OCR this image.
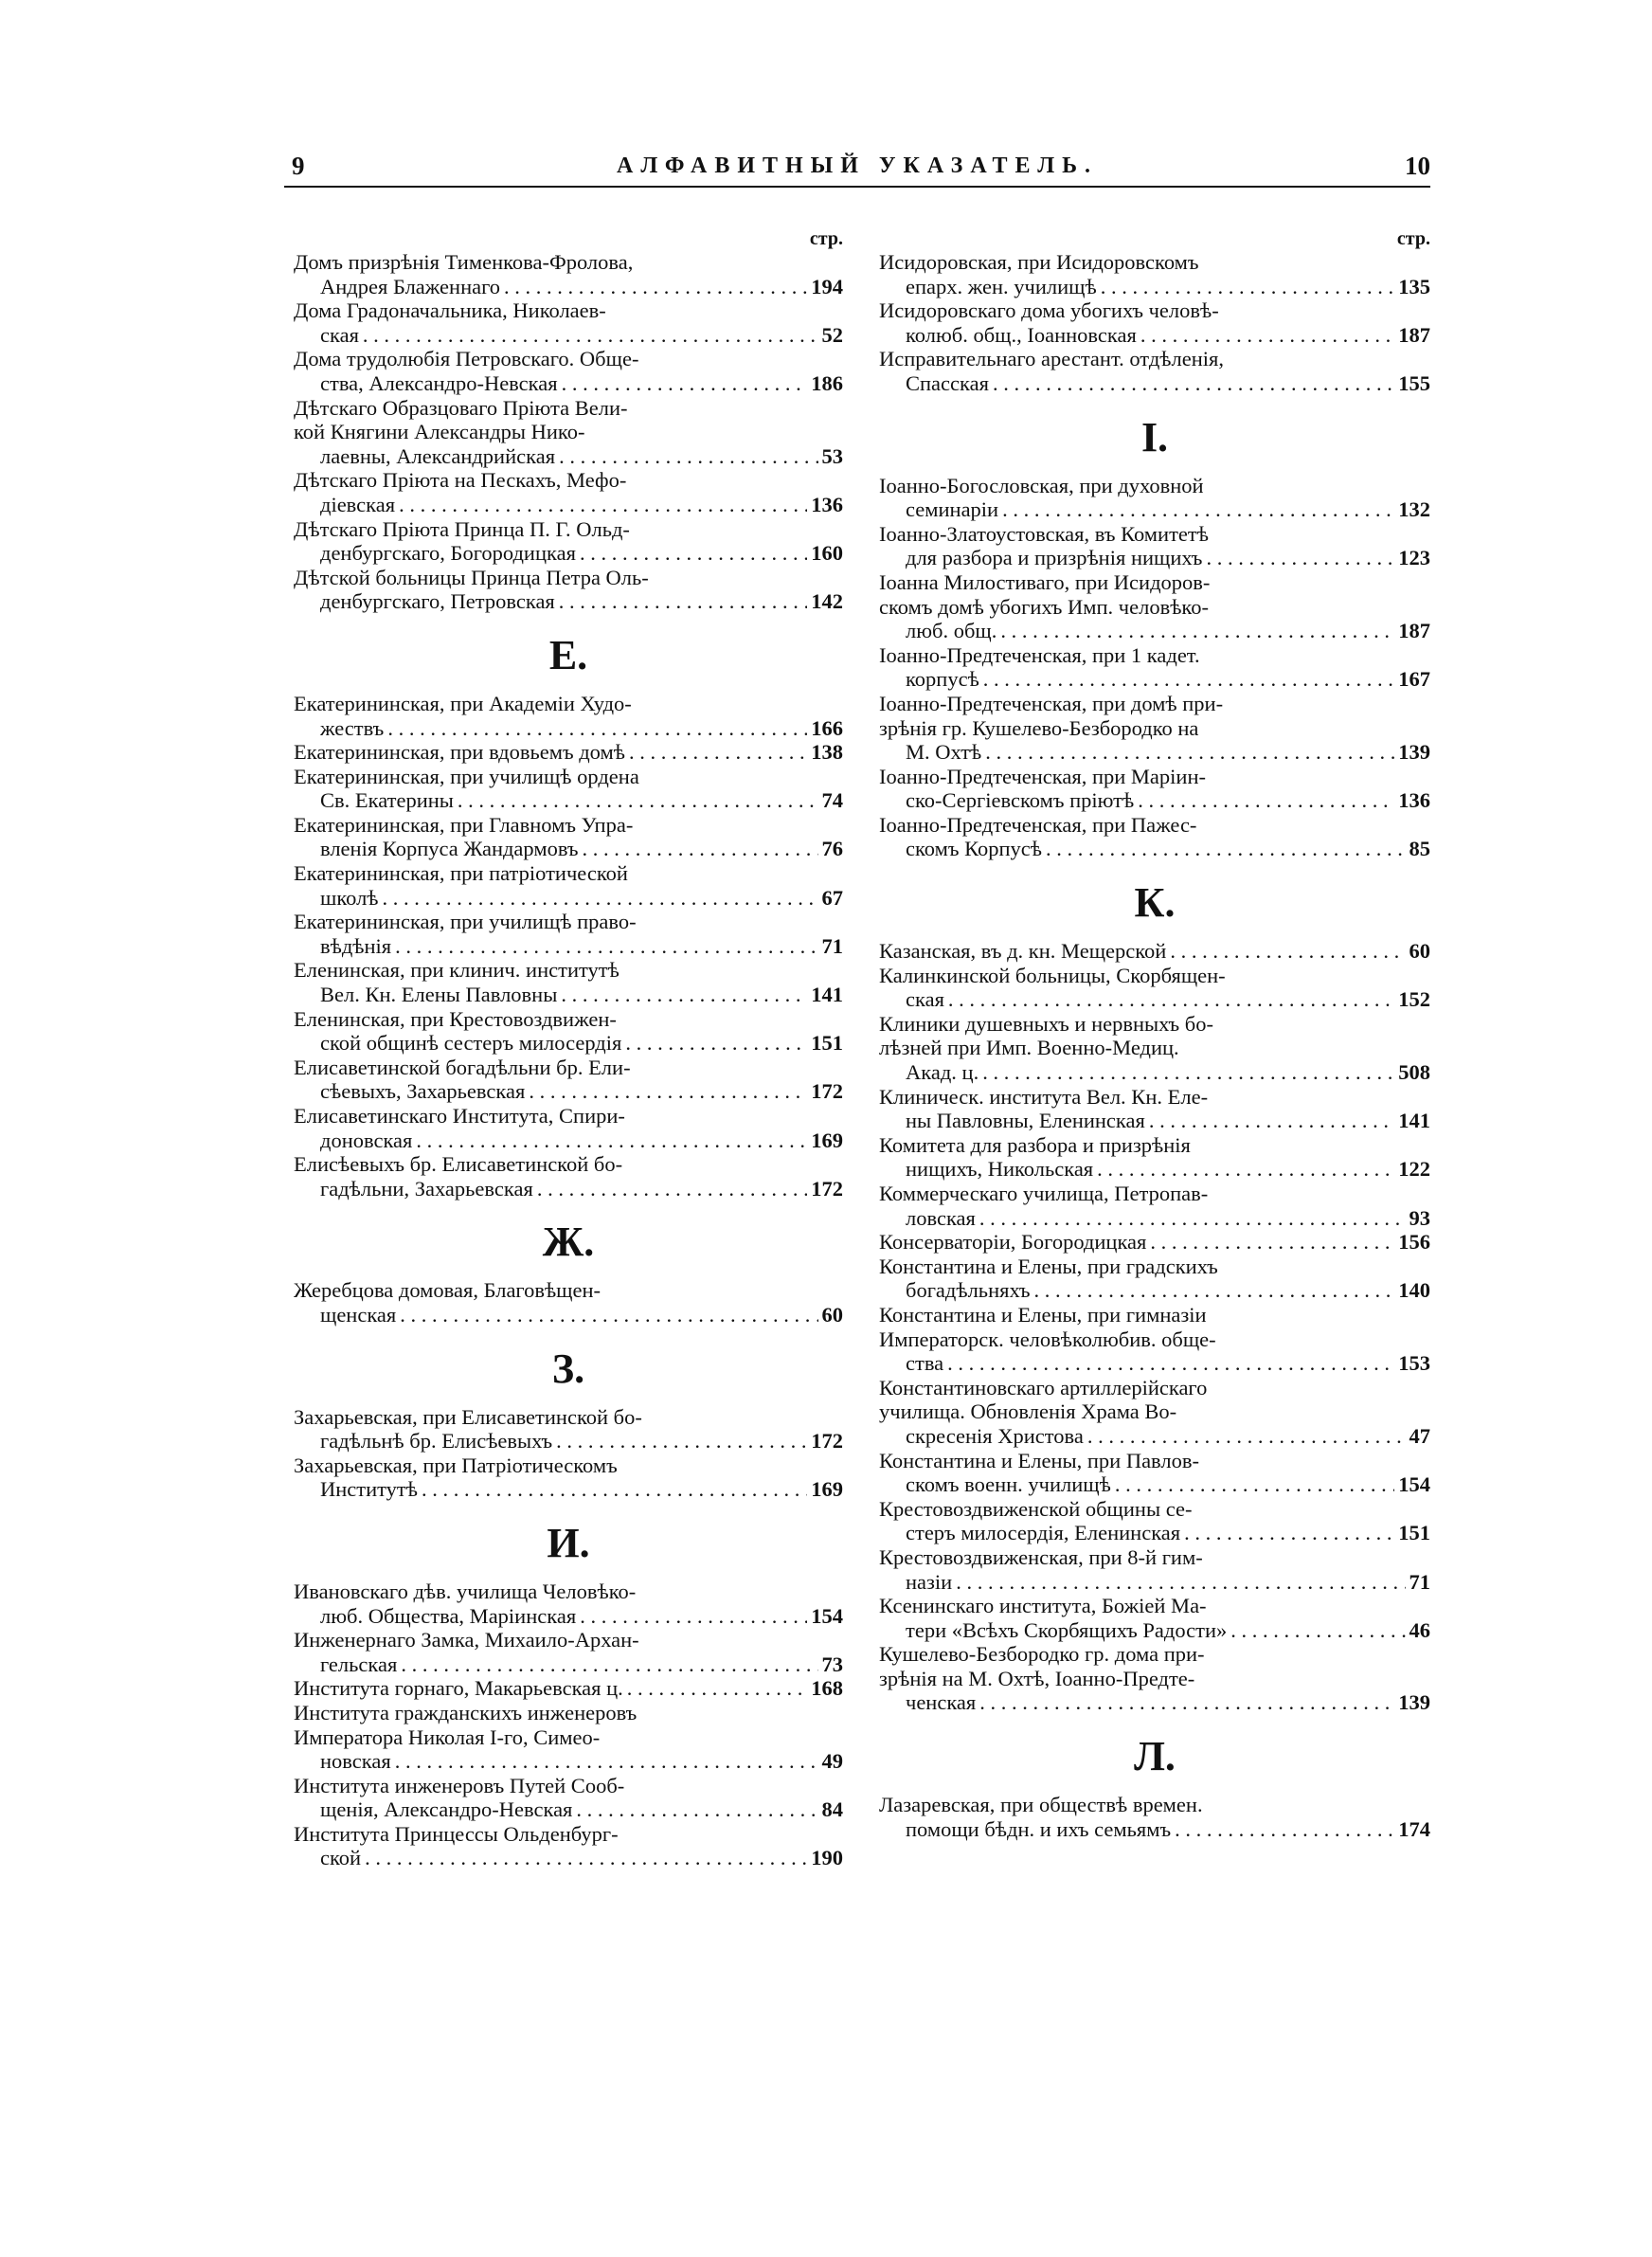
9	АЛФАВИТНЫЙ УКАЗАТЕЛЬ.	10
стр.
Домъ призрѣнія Тименкова-Фролова,
Андрея Блаженнаго . . .	194
Дома Градоначальника, Николаев-
ская . . .	52
Дома трудолюбія Петровскаго. Обще-
ства, Александро-Невская . . .	186
Дѣтскаго Образцоваго Пріюта Вели-
кой Княгини Александры Нико-
лаевны, Александрийская . . .	53
Дѣтскаго Пріюта на Пескахъ, Мефо-
діевская . . .	136
Дѣтскаго Пріюта Принца П. Г. Ольд-
денбургскаго, Богородицкая . . .	160
Дѣтской больницы Принца Петра Оль-
денбургскаго, Петровская . . .	142
Е.
Екатерининская, при Академіи Худо-
жествъ . . .	166
Екатерининская, при вдовьемъ домѣ . . .	138
Екатерининская, при училищѣ ордена
Св. Екатерины . . .	74
Екатерининская, при Главномъ Упра-
вленія Корпуса Жандармовъ . . .	76
Екатерининская, при патріотической
школѣ . . .	67
Екатерининская, при училищѣ право-
вѣдѣнія . . .	71
Еленинская, при клинич. институтѣ
Вел. Кн. Елены Павловны . . .	141
Еленинская, при Крестовоздвижен-
ской общинѣ сестеръ милосердія . . .	151
Елисаветинской богадѣльни бр. Ели-
сѣевыхъ, Захарьевская . . .	172
Елисаветинскаго Института, Спири-
доновская . . .	169
Елисѣевыхъ бр. Елисаветинской бо-
гадѣльни, Захарьевская . . .	172
Ж.
Жеребцова домовая, Благовѣщен-
щенская . . .	60
З.
Захарьевская, при Елисаветинской бо-
гадѣльнѣ бр. Елисѣевыхъ . . .	172
Захарьевская, при Патріотическомъ
Институтѣ . . .	169
И.
Ивановскаго дѣв. училища Человѣко-
люб. Общества, Маріинская . . .	154
Инженернаго Замка, Михаило-Архан-
гельская . . .	73
Института горнаго, Макарьевская ц. . . .	168
Института гражданскихъ инженеровъ
Императора Николая І-го, Симео-
новская . . .	49
Института инженеровъ Путей Сооб-
щенія, Александро-Невская . . .	84
Института Принцессы Ольденбург-
ской . . .	190
стр.
Исидоровская, при Исидоровскомъ
епарх. жен. училищѣ . . .	135
Исидоровскаго дома убогихъ человѣ-
колюб. общ., Іоанновская . . .	187
Исправительнаго арестант. отдѣленія,
Спасская . . .	155
І.
Іоанно-Богословская, при духовной
семинаріи . . .	132
Іоанно-Златоустовская, въ Комитетѣ
для разбора и призрѣнія нищихъ . . .	123
Іоанна Милостиваго, при Исидоров-
скомъ домѣ убогихъ Имп. человѣко-
люб. общ. . . .	187
Іоанно-Предтеченская, при 1 кадет.
корпусѣ . . .	167
Іоанно-Предтеченская, при домѣ при-
зрѣнія гр. Кушелево-Безбородко на
М. Охтѣ . . .	139
Іоанно-Предтеченская, при Маріин-
ско-Сергіевскомъ пріютѣ . . .	136
Іоанно-Предтеченская, при Пажес-
скомъ Корпусѣ . . .	85
К.
Казанская, въ д. кн. Мещерской . . .	60
Калинкинской больницы, Скорбящен-
ская . . .	152
Клиники душевныхъ и нервныхъ бо-
лѣзней при Имп. Военно-Медиц.
Акад. ц. . . .	508
Клиническ. института Вел. Кн. Еле-
ны Павловны, Еленинская . . .	141
Комитета для разбора и призрѣнія
нищихъ, Никольская . . .	122
Коммерческаго училища, Петропав-
ловская . . .	93
Консерваторіи, Богородицкая . . .	156
Константина и Елены, при градскихъ
богадѣльняхъ . . .	140
Константина и Елены, при гимназіи
Императорск. человѣколюбив. обще-
ства . . .	153
Константиновскаго артиллерійскаго
училища. Обновленія Храма Во-
скресенія Христова . . .	47
Константина и Елены, при Павлов-
скомъ военн. училищѣ . . .	154
Крестовоздвиженской общины се-
стеръ милосердія, Еленинская . . .	151
Крестовоздвиженская, при 8-й гим-
назіи . . .	71
Ксенинскаго института, Божіей Ма-
тери «Всѣхъ Скорбящихъ Радости» . . .	46
Кушелево-Безбородко гр. дома при-
зрѣнія на М. Охтѣ, Іоанно-Предте-
ченская . . .	139
Л.
Лазаревская, при обществѣ времен.
помощи бѣдн. и ихъ семьямъ . . .	174
